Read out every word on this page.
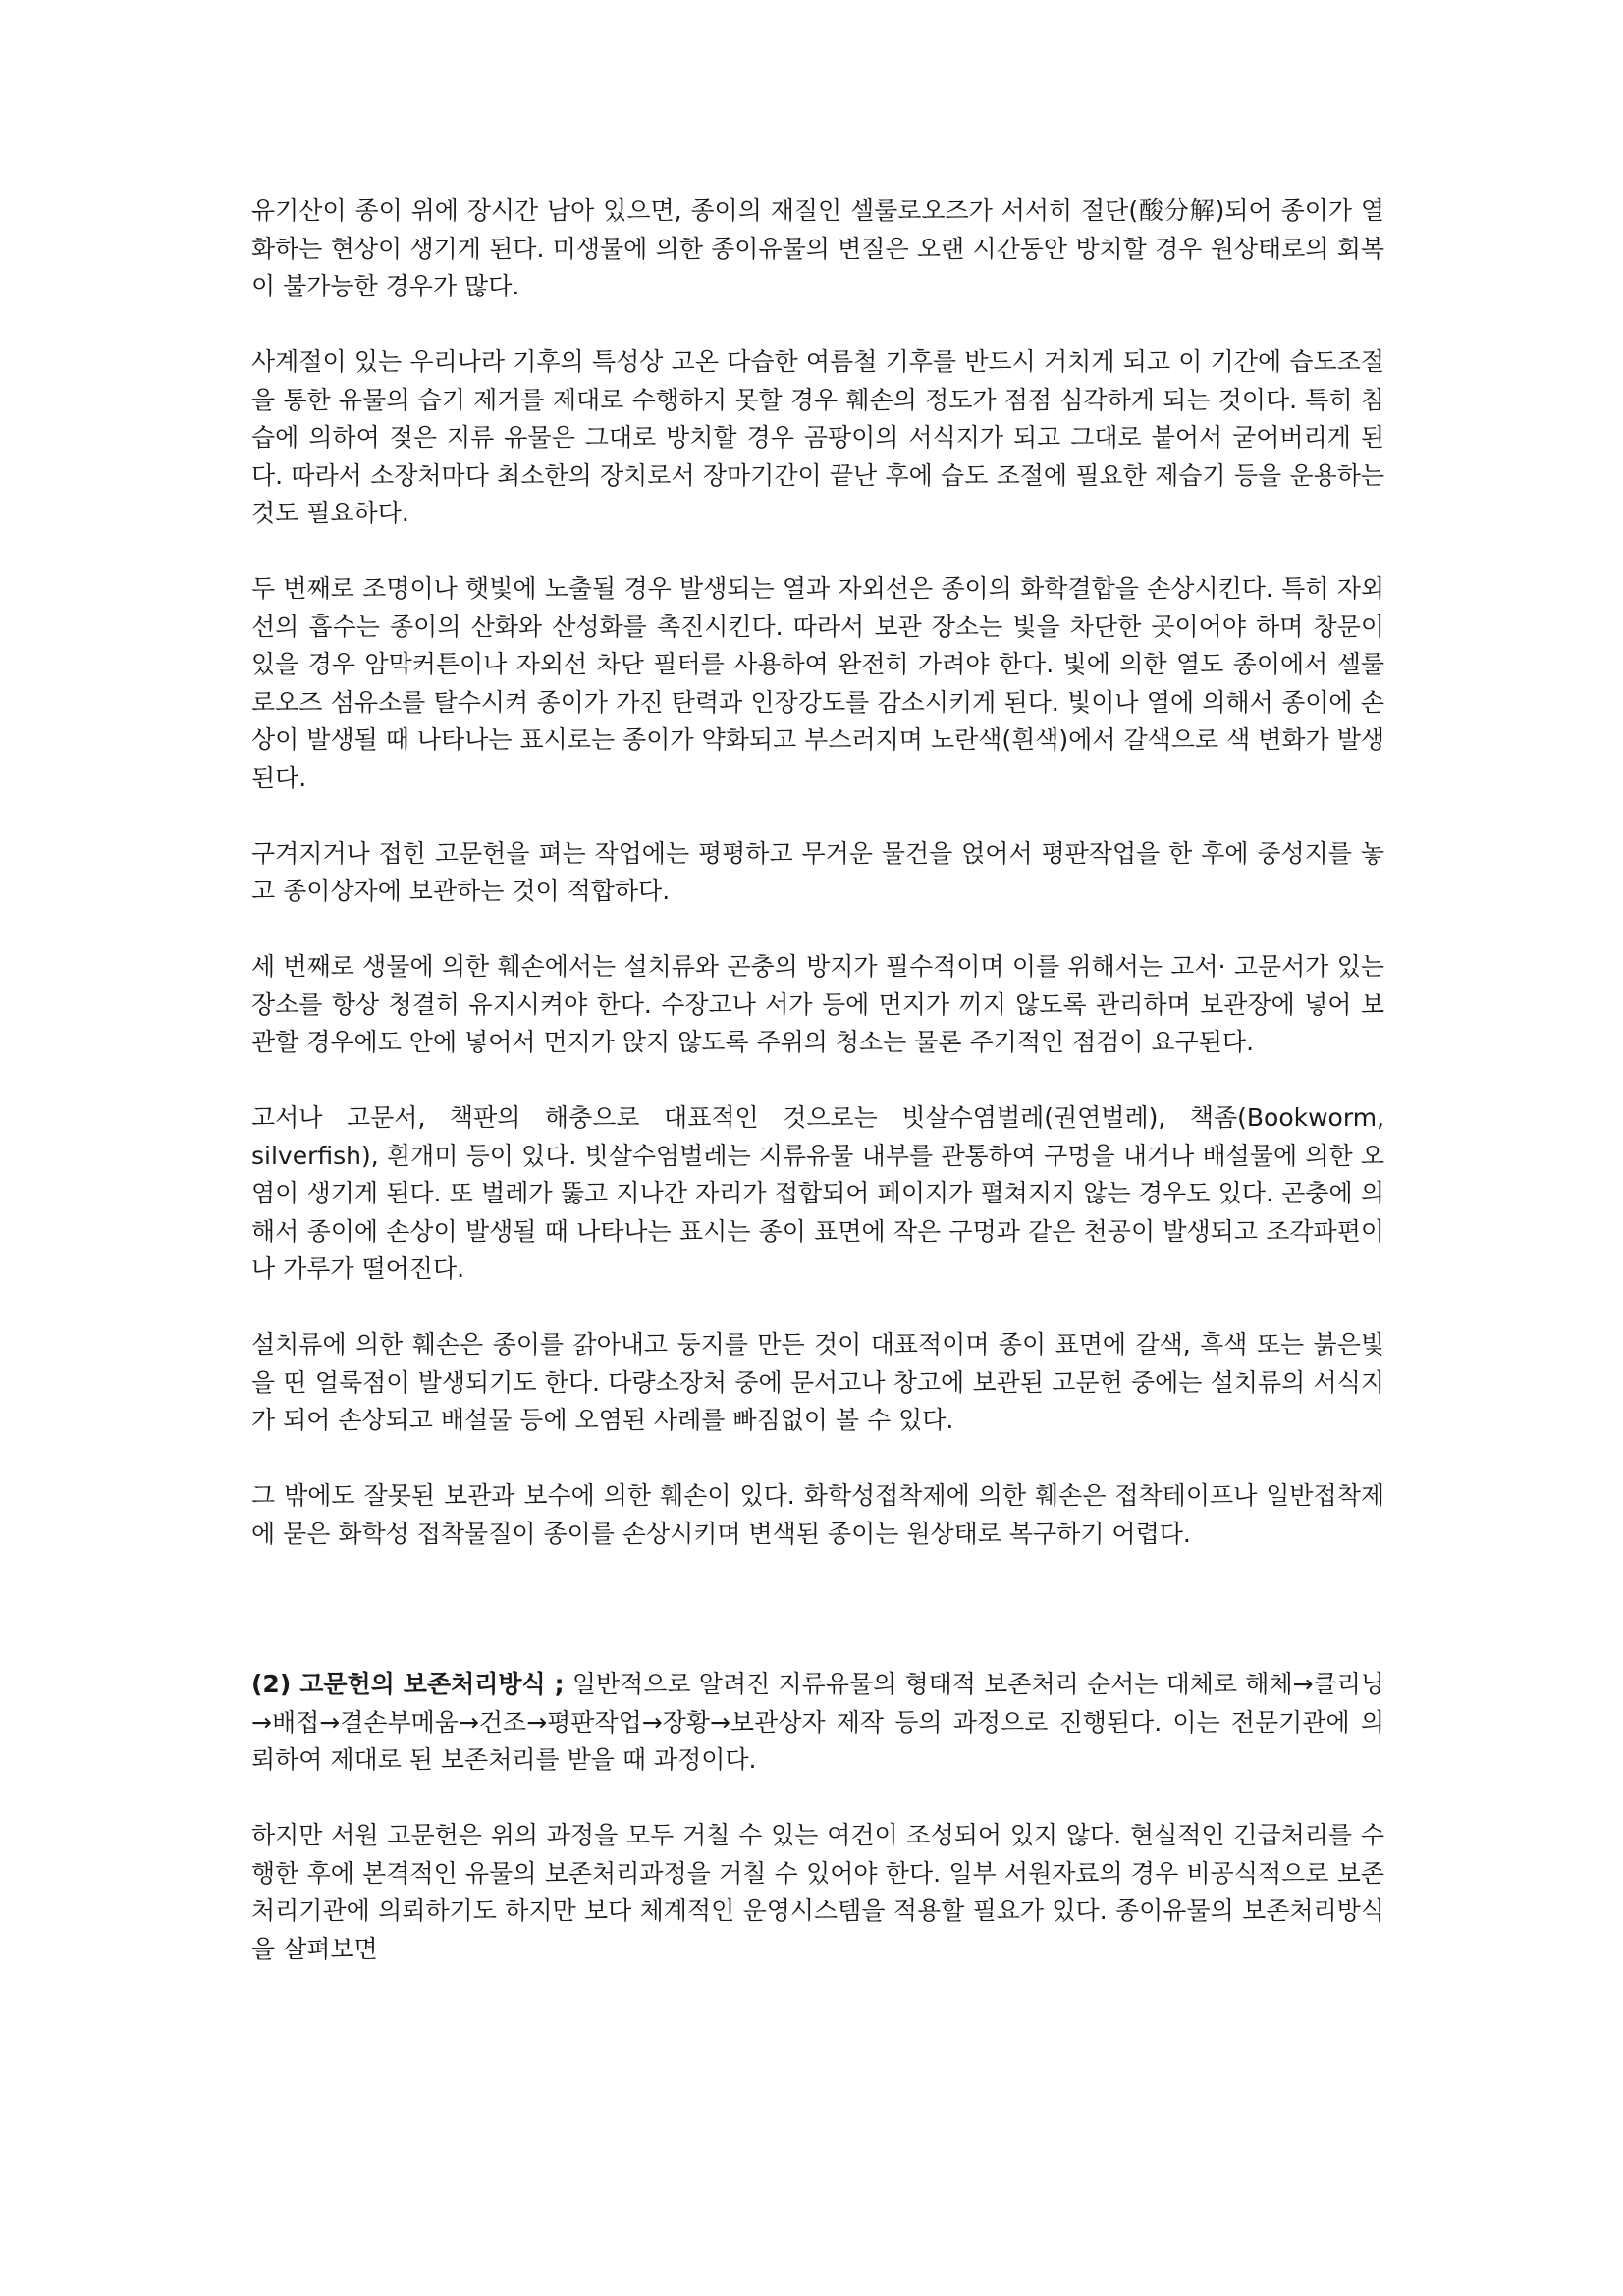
유기산이 종이 위에 장시간 남아 있으면, 종이의 재질인 셀룰로오즈가 서서히 절단(酸分解)되어 종이가 열화하는 현상이 생기게 된다. 미생물에 의한 종이유물의 변질은 오랜 시간동안 방치할 경우 원상태로의 회복이 불가능한 경우가 많다.

사계절이 있는 우리나라 기후의 특성상 고온 다습한 여름철 기후를 반드시 거치게 되고 이 기간에 습도조절을 통한 유물의 습기 제거를 제대로 수행하지 못할 경우 훼손의 정도가 점점 심각하게 되는 것이다. 특히 침습에 의하여 젖은 지류 유물은 그대로 방치할 경우 곰팡이의 서식지가 되고 그대로 붙어서 굳어버리게 된다. 따라서 소장처마다 최소한의 장치로서 장마기간이 끝난 후에 습도 조절에 필요한 제습기 등을 운용하는 것도 필요하다.

두 번째로 조명이나 햇빛에 노출될 경우 발생되는 열과 자외선은 종이의 화학결합을 손상시킨다. 특히 자외선의 흡수는 종이의 산화와 산성화를 촉진시킨다. 따라서 보관 장소는 빛을 차단한 곳이어야 하며 창문이 있을 경우 암막커튼이나 자외선 차단 필터를 사용하여 완전히 가려야 한다. 빛에 의한 열도 종이에서 셀룰로오즈 섬유소를 탈수시켜 종이가 가진 탄력과 인장강도를 감소시키게 된다. 빛이나 열에 의해서 종이에 손상이 발생될 때 나타나는 표시로는 종이가 약화되고 부스러지며 노란색(흰색)에서 갈색으로 색 변화가 발생된다.

구겨지거나 접힌 고문헌을 펴는 작업에는 평평하고 무거운 물건을 얹어서 평판작업을 한 후에 중성지를 놓고 종이상자에 보관하는 것이 적합하다.

세 번째로 생물에 의한 훼손에서는 설치류와 곤충의 방지가 필수적이며 이를 위해서는 고서· 고문서가 있는 장소를 항상 청결히 유지시켜야 한다. 수장고나 서가 등에 먼지가 끼지 않도록 관리하며 보관장에 넣어 보관할 경우에도 안에 넣어서 먼지가 앉지 않도록 주위의 청소는 물론 주기적인 점검이 요구된다.

고서나 고문서, 책판의 해충으로 대표적인 것으로는 빗살수염벌레(권연벌레), 책좀(Bookworm, silverfish), 흰개미 등이 있다. 빗살수염벌레는 지류유물 내부를 관통하여 구멍을 내거나 배설물에 의한 오염이 생기게 된다. 또 벌레가 뚫고 지나간 자리가 접합되어 페이지가 펼쳐지지 않는 경우도 있다. 곤충에 의해서 종이에 손상이 발생될 때 나타나는 표시는 종이 표면에 작은 구멍과 같은 천공이 발생되고 조각파편이나 가루가 떨어진다.

설치류에 의한 훼손은 종이를 갉아내고 둥지를 만든 것이 대표적이며 종이 표면에 갈색, 흑색 또는 붉은빛을 띤 얼룩점이 발생되기도 한다. 다량소장처 중에 문서고나 창고에 보관된 고문헌 중에는 설치류의 서식지가 되어 손상되고 배설물 등에 오염된 사례를 빠짐없이 볼 수 있다.

그 밖에도 잘못된 보관과 보수에 의한 훼손이 있다. 화학성접착제에 의한 훼손은 접착테이프나 일반접착제에 묻은 화학성 접착물질이 종이를 손상시키며 변색된 종이는 원상태로 복구하기 어렵다.

(2) 고문헌의 보존처리방식 ; 일반적으로 알려진 지류유물의 형태적 보존처리 순서는 대체로 해체→클리닝→배접→결손부메움→건조→평판작업→장황→보관상자 제작 등의 과정으로 진행된다. 이는 전문기관에 의뢰하여 제대로 된 보존처리를 받을 때 과정이다.

하지만 서원 고문헌은 위의 과정을 모두 거칠 수 있는 여건이 조성되어 있지 않다. 현실적인 긴급처리를 수행한 후에 본격적인 유물의 보존처리과정을 거칠 수 있어야 한다. 일부 서원자료의 경우 비공식적으로 보존처리기관에 의뢰하기도 하지만 보다 체계적인 운영시스템을 적용할 필요가 있다. 종이유물의 보존처리방식을 살펴보면
